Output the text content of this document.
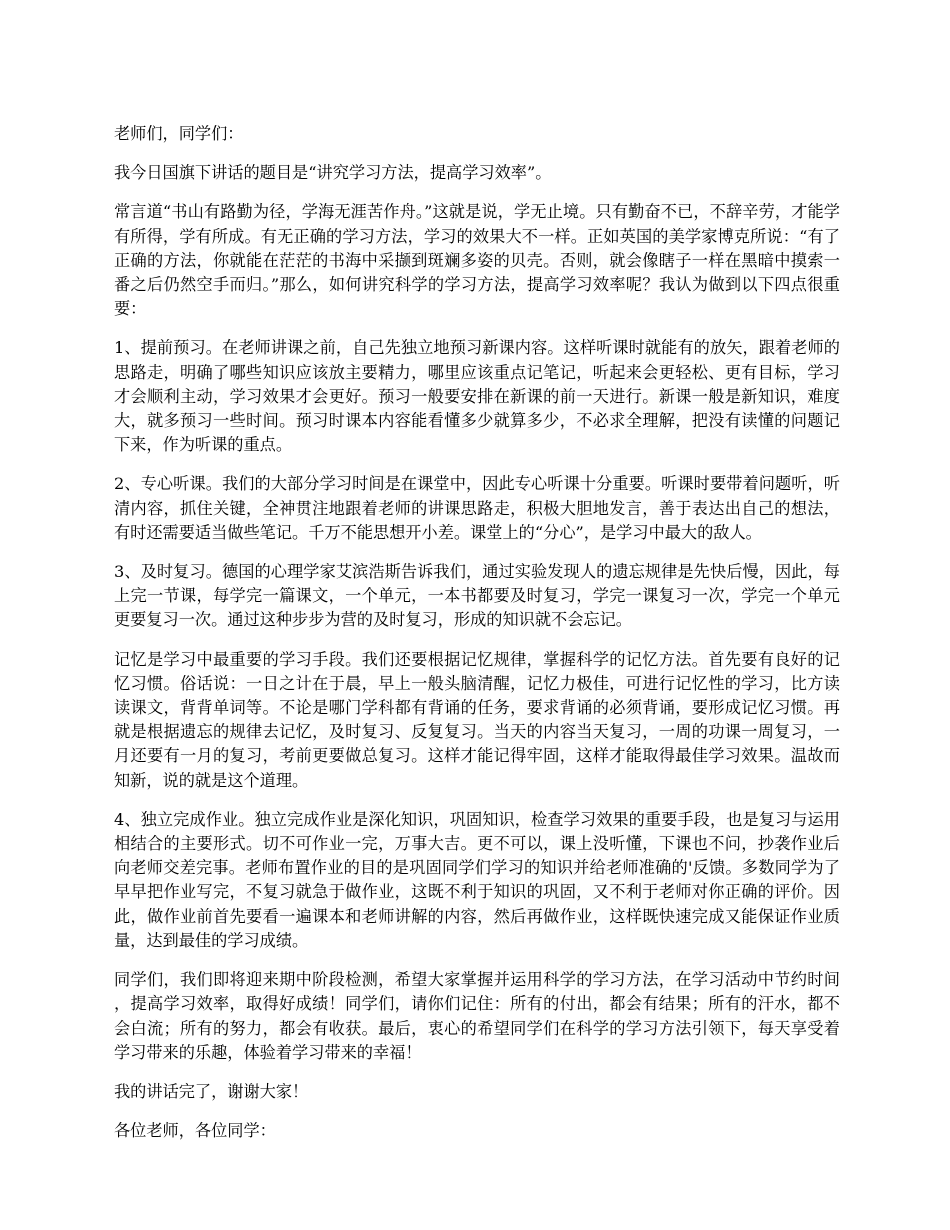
老师们，同学们：

我今日国旗下讲话的题目是“讲究学习方法，提高学习效率”。

常言道“书山有路勤为径，学海无涯苦作舟。”这就是说，学无止境。只有勤奋不已，不辞辛劳，才能学有所得，学有所成。有无正确的学习方法，学习的效果大不一样。正如英国的美学家博克所说：“有了正确的方法，你就能在茫茫的书海中采撷到斑斓多姿的贝壳。否则，就会像瞎子一样在黑暗中摸索一番之后仍然空手而归。”那么，如何讲究科学的学习方法，提高学习效率呢？我认为做到以下四点很重要：

1、提前预习。在老师讲课之前，自己先独立地预习新课内容。这样听课时就能有的放矢，跟着老师的思路走，明确了哪些知识应该放主要精力，哪里应该重点记笔记，听起来会更轻松、更有目标，学习才会顺利主动，学习效果才会更好。预习一般要安排在新课的前一天进行。新课一般是新知识，难度大，就多预习一些时间。预习时课本内容能看懂多少就算多少，不必求全理解，把没有读懂的问题记下来，作为听课的重点。

2、专心听课。我们的大部分学习时间是在课堂中，因此专心听课十分重要。听课时要带着问题听，听清内容，抓住关键，全神贯注地跟着老师的讲课思路走，积极大胆地发言，善于表达出自己的想法，有时还需要适当做些笔记。千万不能思想开小差。课堂上的“分心”，是学习中最大的敌人。

3、及时复习。德国的心理学家艾滨浩斯告诉我们，通过实验发现人的遗忘规律是先快后慢，因此，每上完一节课，每学完一篇课文，一个单元，一本书都要及时复习，学完一课复习一次，学完一个单元更要复习一次。通过这种步步为营的及时复习，形成的知识就不会忘记。

记忆是学习中最重要的学习手段。我们还要根据记忆规律，掌握科学的记忆方法。首先要有良好的记忆习惯。俗话说：一日之计在于晨，早上一般头脑清醒，记忆力极佳，可进行记忆性的学习，比方读读课文，背背单词等。不论是哪门学科都有背诵的任务，要求背诵的必须背诵，要形成记忆习惯。再就是根据遗忘的规律去记忆，及时复习、反复复习。当天的内容当天复习，一周的功课一周复习，一月还要有一月的复习，考前更要做总复习。这样才能记得牢固，这样才能取得最佳学习效果。温故而知新，说的就是这个道理。

4、独立完成作业。独立完成作业是深化知识，巩固知识，检查学习效果的重要手段，也是复习与运用相结合的主要形式。切不可作业一完，万事大吉。更不可以，课上没听懂，下课也不问，抄袭作业后向老师交差完事。老师布置作业的目的是巩固同学们学习的知识并给老师准确的'反馈。多数同学为了早早把作业写完，不复习就急于做作业，这既不利于知识的巩固，又不利于老师对你正确的评价。因此，做作业前首先要看一遍课本和老师讲解的内容，然后再做作业，这样既快速完成又能保证作业质量，达到最佳的学习成绩。

同学们，我们即将迎来期中阶段检测，希望大家掌握并运用科学的学习方法，在学习活动中节约时间，提高学习效率，取得好成绩！同学们，请你们记住：所有的付出，都会有结果；所有的汗水，都不会白流；所有的努力，都会有收获。最后，衷心的希望同学们在科学的学习方法引领下，每天享受着学习带来的乐趣，体验着学习带来的幸福！

我的讲话完了，谢谢大家！

各位老师，各位同学：
